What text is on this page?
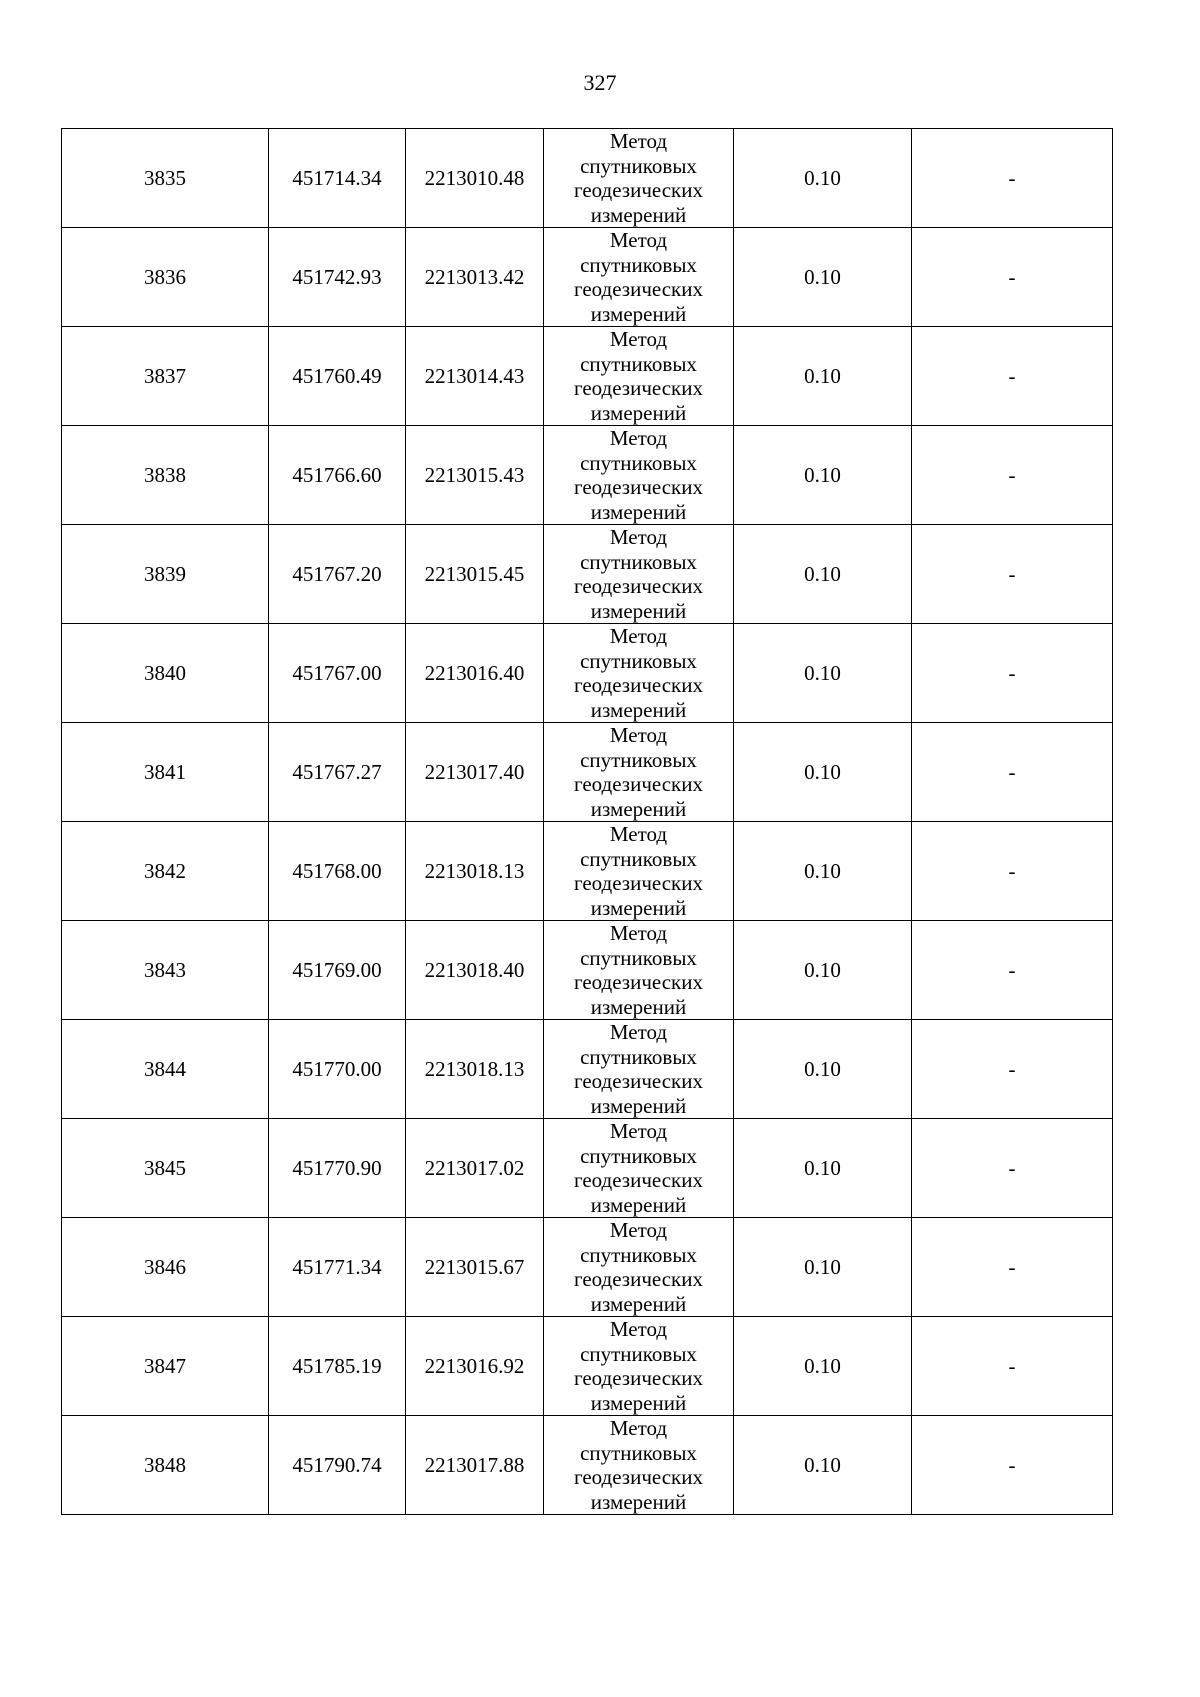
327
3835	451714.34	2213010.48	Метод
спутниковых
геодезических
измерений	0.10	-
3836	451742.93	2213013.42	Метод
спутниковых
геодезических
измерений	0.10	-
3837	451760.49	2213014.43	Метод
спутниковых
геодезических
измерений	0.10	-
3838	451766.60	2213015.43	Метод
спутниковых
геодезических
измерений	0.10	-
3839	451767.20	2213015.45	Метод
спутниковых
геодезических
измерений	0.10	-
3840	451767.00	2213016.40	Метод
спутниковых
геодезических
измерений	0.10	-
3841	451767.27	2213017.40	Метод
спутниковых
геодезических
измерений	0.10	-
3842	451768.00	2213018.13	Метод
спутниковых
геодезических
измерений	0.10	-
3843	451769.00	2213018.40	Метод
спутниковых
геодезических
измерений	0.10	-
3844	451770.00	2213018.13	Метод
спутниковых
геодезических
измерений	0.10	-
3845	451770.90	2213017.02	Метод
спутниковых
геодезических
измерений	0.10	-
3846	451771.34	2213015.67	Метод
спутниковых
геодезических
измерений	0.10	-
3847	451785.19	2213016.92	Метод
спутниковых
геодезических
измерений	0.10	-
3848	451790.74	2213017.88	Метод
спутниковых
геодезических
измерений	0.10	-
